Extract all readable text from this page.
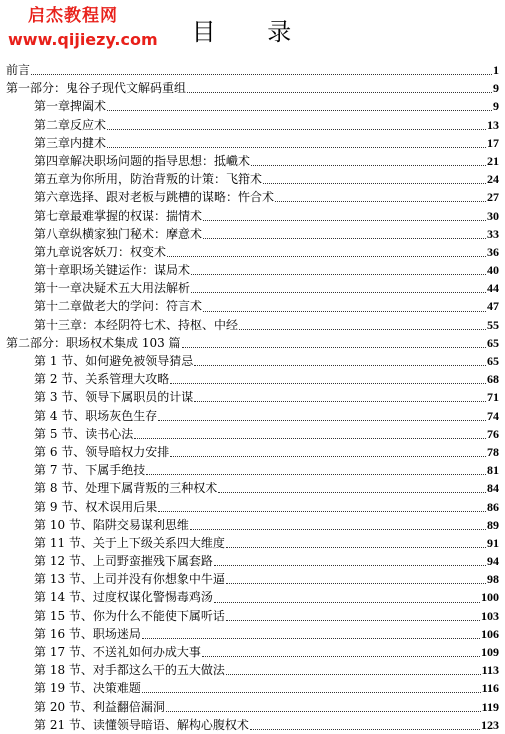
启杰教程网
www.qijiezy.com	目 录
前言	1
第一部分：鬼谷子现代文解码重组	9
第一章捭阖术	9
第二章反应术	13
第三章内揵术	17
第四章解决职场问题的指导思想：抵巇术	21
第五章为你所用，防治背叛的计策：飞箝术	24
第六章选择、跟对老板与跳槽的谋略：忤合术	27
第七章最难掌握的权谋：揣情术	30
第八章纵横家独门秘术：摩意术	33
第九章说客妖刀：权变术	36
第十章职场关键运作：谋局术	40
第十一章决疑术五大用法解析	44
第十二章做老大的学问：符言术	47
第十三章：本经阴符七术、持枢、中经	55
第二部分：职场权术集成 103 篇	65
第 1 节、如何避免被领导猜忌	65
第 2 节、关系管理大攻略	68
第 3 节、领导下属职员的计谋	71
第 4 节、职场灰色生存	74
第 5 节、读书心法	76
第 6 节、领导暗权力安排	78
第 7 节、下属手绝技	81
第 8 节、处理下属背叛的三种权术	84
第 9 节、权术误用后果	86
第 10 节、陷阱交易谋利思维	89
第 11 节、关于上下级关系四大维度	91
第 12 节、上司野蛮摧残下属套路	94
第 13 节、上司并没有你想象中牛逼	98
第 14 节、过度权谋化警惕毒鸡汤	100
第 15 节、你为什么不能使下属听话	103
第 16 节、职场迷局	106
第 17 节、不送礼如何办成大事	109
第 18 节、对手都这么干的五大做法	113
第 19 节、决策难题	116
第 20 节、利益翻倍漏洞	119
第 21 节、读懂领导暗语、解构心腹权术	123
